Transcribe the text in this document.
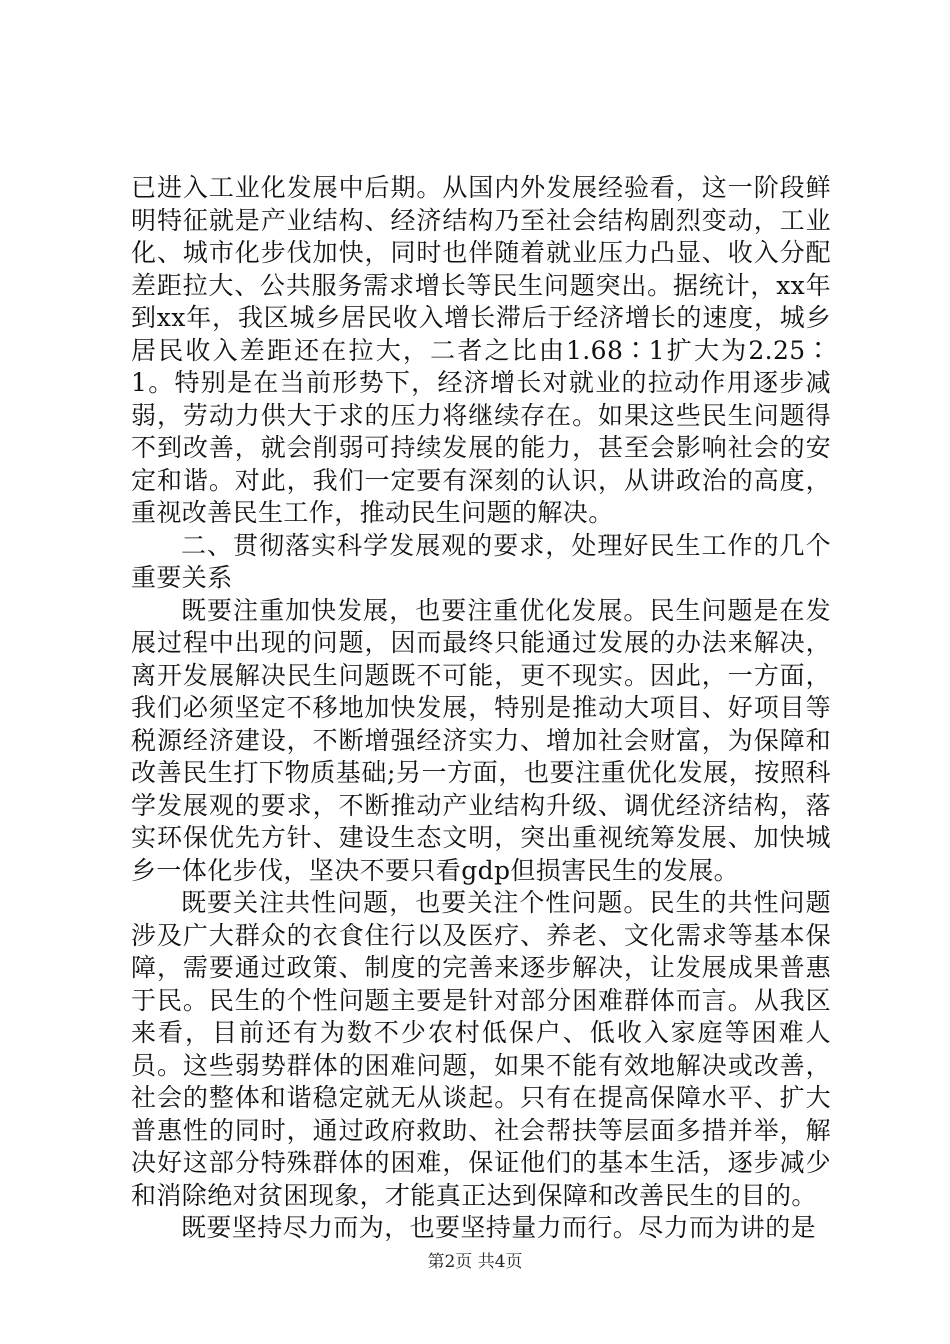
已进入工业化发展中后期。从国内外发展经验看，这一阶段鲜明特征就是产业结构、经济结构乃至社会结构剧烈变动，工业化、城市化步伐加快，同时也伴随着就业压力凸显、收入分配差距拉大、公共服务需求增长等民生问题突出。据统计，xx年到xx年，我区城乡居民收入增长滞后于经济增长的速度，城乡居民收入差距还在拉大，二者之比由1.68∶1扩大为2.25∶1。特别是在当前形势下，经济增长对就业的拉动作用逐步减弱，劳动力供大于求的压力将继续存在。如果这些民生问题得不到改善，就会削弱可持续发展的能力，甚至会影响社会的安定和谐。对此，我们一定要有深刻的认识，从讲政治的高度，重视改善民生工作，推动民生问题的解决。

二、贯彻落实科学发展观的要求，处理好民生工作的几个重要关系

既要注重加快发展，也要注重优化发展。民生问题是在发展过程中出现的问题，因而最终只能通过发展的办法来解决，离开发展解决民生问题既不可能，更不现实。因此，一方面，我们必须坚定不移地加快发展，特别是推动大项目、好项目等税源经济建设，不断增强经济实力、增加社会财富，为保障和改善民生打下物质基础;另一方面，也要注重优化发展，按照科学发展观的要求，不断推动产业结构升级、调优经济结构，落实环保优先方针、建设生态文明，突出重视统筹发展、加快城乡一体化步伐，坚决不要只看gdp但损害民生的发展。

既要关注共性问题，也要关注个性问题。民生的共性问题涉及广大群众的衣食住行以及医疗、养老、文化需求等基本保障，需要通过政策、制度的完善来逐步解决，让发展成果普惠于民。民生的个性问题主要是针对部分困难群体而言。从我区来看，目前还有为数不少农村低保户、低收入家庭等困难人员。这些弱势群体的困难问题，如果不能有效地解决或改善，社会的整体和谐稳定就无从谈起。只有在提高保障水平、扩大普惠性的同时，通过政府救助、社会帮扶等层面多措并举，解决好这部分特殊群体的困难，保证他们的基本生活，逐步减少和消除绝对贫困现象，才能真正达到保障和改善民生的目的。

既要坚持尽力而为，也要坚持量力而行。尽力而为讲的是

第2页 共4页
